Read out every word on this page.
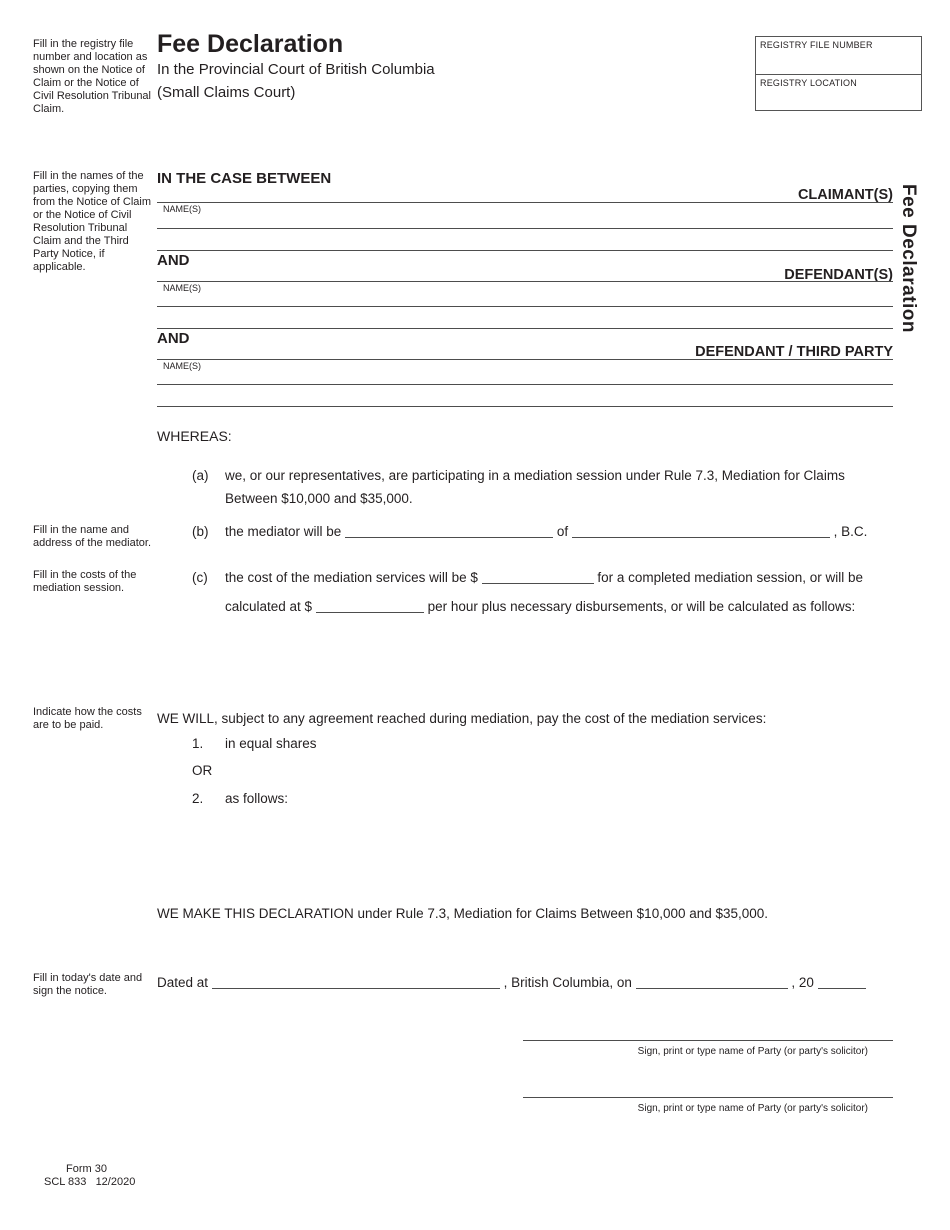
Fill in the registry file number and location as shown on the Notice of Claim or the Notice of Civil Resolution Tribunal Claim.
Fill in the names of the parties, copying them from the Notice of Claim or the Notice of Civil Resolution Tribunal Claim and the Third Party Notice, if applicable.
Fill in the name and address of the mediator.
Fill in the costs of the mediation session.
Indicate how the costs are to be paid.
Fill in today's date and sign the notice.
Fee Declaration
In the Provincial Court of British Columbia
(Small Claims Court)
REGISTRY FILE NUMBER
REGISTRY LOCATION
Fee Declaration
IN THE CASE BETWEEN
CLAIMANT(S)
NAME(S)
AND
DEFENDANT(S)
NAME(S)
AND
DEFENDANT / THIRD PARTY
NAME(S)
WHEREAS:
(a) we, or our representatives, are participating in a mediation session under Rule 7.3, Mediation for Claims Between $10,000 and $35,000.
(b) the mediator will be	of	, B.C.
(c) the cost of the mediation services will be $	for a completed mediation session, or will be
calculated at $	per hour plus necessary disbursements, or will be calculated as follows:
WE WILL, subject to any agreement reached during mediation, pay the cost of the mediation services:
1. in equal shares
OR
2. as follows:
WE MAKE THIS DECLARATION under Rule 7.3, Mediation for Claims Between $10,000 and $35,000.
Dated at	, British Columbia, on	, 20
Sign, print or type name of Party (or party's solicitor)
Sign, print or type name of Party (or party's solicitor)
Form 30
SCL 833   12/2020
